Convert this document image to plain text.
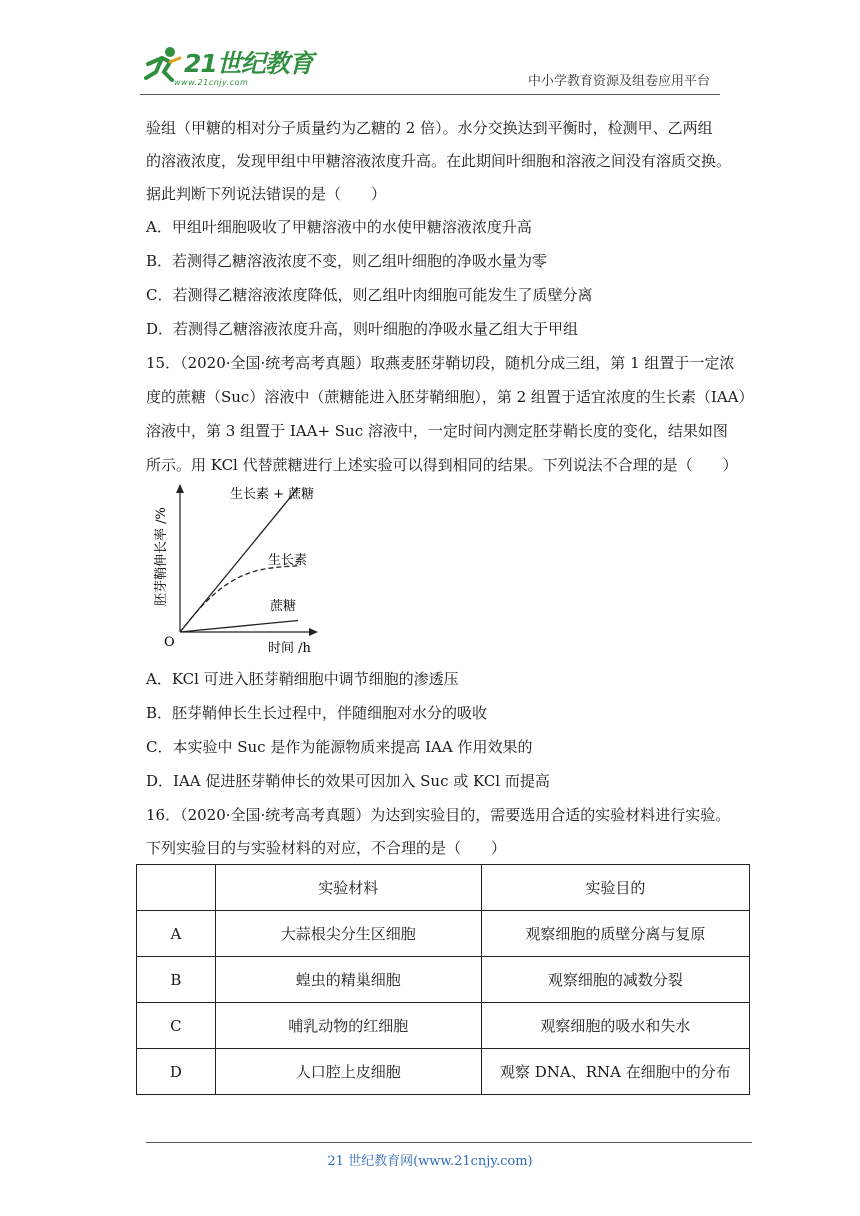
21世纪教育
www.21cnjy.com	中小学教育资源及组卷应用平台
验组（甲糖的相对分子质量约为乙糖的 2 倍）。水分交换达到平衡时，检测甲、乙两组
的溶液浓度，发现甲组中甲糖溶液浓度升高。在此期间叶细胞和溶液之间没有溶质交换。
据此判断下列说法错误的是（　　）
A．甲组叶细胞吸收了甲糖溶液中的水使甲糖溶液浓度升高
B．若测得乙糖溶液浓度不变，则乙组叶细胞的净吸水量为零
C．若测得乙糖溶液浓度降低，则乙组叶肉细胞可能发生了质壁分离
D．若测得乙糖溶液浓度升高，则叶细胞的净吸水量乙组大于甲组
15．（2020·全国·统考高考真题）取燕麦胚芽鞘切段，随机分成三组，第 1 组置于一定浓
度的蔗糖（Suc）溶液中（蔗糖能进入胚芽鞘细胞），第 2 组置于适宜浓度的生长素（IAA）
溶液中，第 3 组置于 IAA+ Suc 溶液中，一定时间内测定胚芽鞘长度的变化，结果如图
所示。用 KCl 代替蔗糖进行上述实验可以得到相同的结果。下列说法不合理的是（　　）
O	时间 /h
胚芽鞘伸长率 /%
生长素 + 蔗糖
生长素
蔗糖
A．KCl 可进入胚芽鞘细胞中调节细胞的渗透压
B．胚芽鞘伸长生长过程中，伴随细胞对水分的吸收
C．本实验中 Suc 是作为能源物质来提高 IAA 作用效果的
D．IAA 促进胚芽鞘伸长的效果可因加入 Suc 或 KCl 而提高
16．（2020·全国·统考高考真题）为达到实验目的，需要选用合适的实验材料进行实验。
下列实验目的与实验材料的对应，不合理的是（　　）
	实验材料	实验目的
A	大蒜根尖分生区细胞	观察细胞的质壁分离与复原
B	蝗虫的精巢细胞	观察细胞的减数分裂
C	哺乳动物的红细胞	观察细胞的吸水和失水
D	人口腔上皮细胞	观察 DNA、RNA 在细胞中的分布
21 世纪教育网(www.21cnjy.com)
